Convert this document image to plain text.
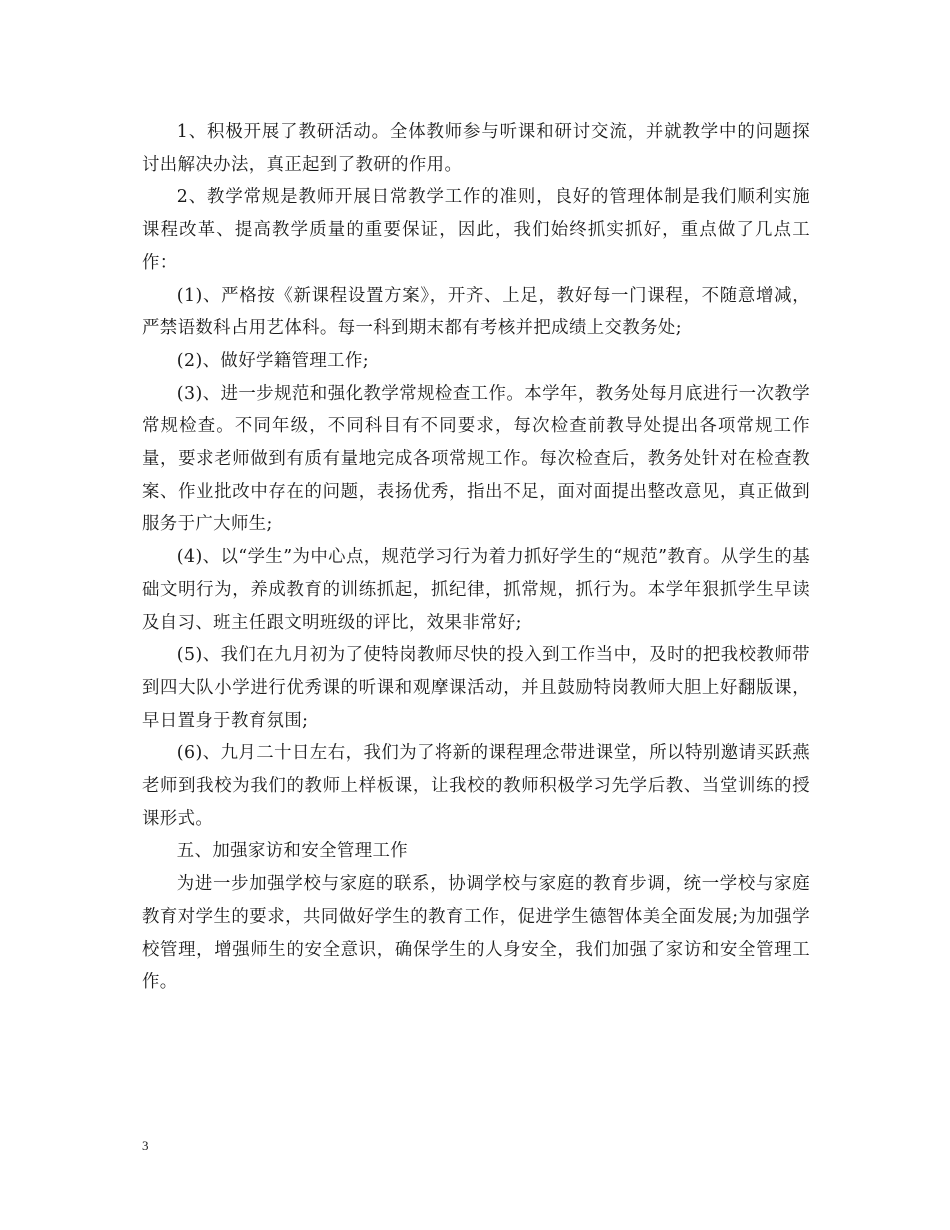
1、积极开展了教研活动。全体教师参与听课和研讨交流，并就教学中的问题探讨出解决办法，真正起到了教研的作用。

2、教学常规是教师开展日常教学工作的准则，良好的管理体制是我们顺利实施课程改革、提高教学质量的重要保证，因此，我们始终抓实抓好，重点做了几点工作：

(1)、严格按《新课程设置方案》，开齐、上足，教好每一门课程，不随意增减，严禁语数科占用艺体科。每一科到期末都有考核并把成绩上交教务处;

(2)、做好学籍管理工作;

(3)、进一步规范和强化教学常规检查工作。本学年，教务处每月底进行一次教学常规检查。不同年级，不同科目有不同要求，每次检查前教导处提出各项常规工作量，要求老师做到有质有量地完成各项常规工作。每次检查后，教务处针对在检查教案、作业批改中存在的问题，表扬优秀，指出不足，面对面提出整改意见，真正做到服务于广大师生;

(4)、以“学生”为中心点，规范学习行为着力抓好学生的“规范”教育。从学生的基础文明行为，养成教育的训练抓起，抓纪律，抓常规，抓行为。本学年狠抓学生早读及自习、班主任跟文明班级的评比，效果非常好;

(5)、我们在九月初为了使特岗教师尽快的投入到工作当中，及时的把我校教师带到四大队小学进行优秀课的听课和观摩课活动，并且鼓励特岗教师大胆上好翻版课，早日置身于教育氛围;

(6)、九月二十日左右，我们为了将新的课程理念带进课堂，所以特别邀请买跃燕老师到我校为我们的教师上样板课，让我校的教师积极学习先学后教、当堂训练的授课形式。

五、加强家访和安全管理工作

为进一步加强学校与家庭的联系，协调学校与家庭的教育步调，统一学校与家庭教育对学生的要求，共同做好学生的教育工作，促进学生德智体美全面发展;为加强学校管理，增强师生的安全意识，确保学生的人身安全，我们加强了家访和安全管理工作。

3
